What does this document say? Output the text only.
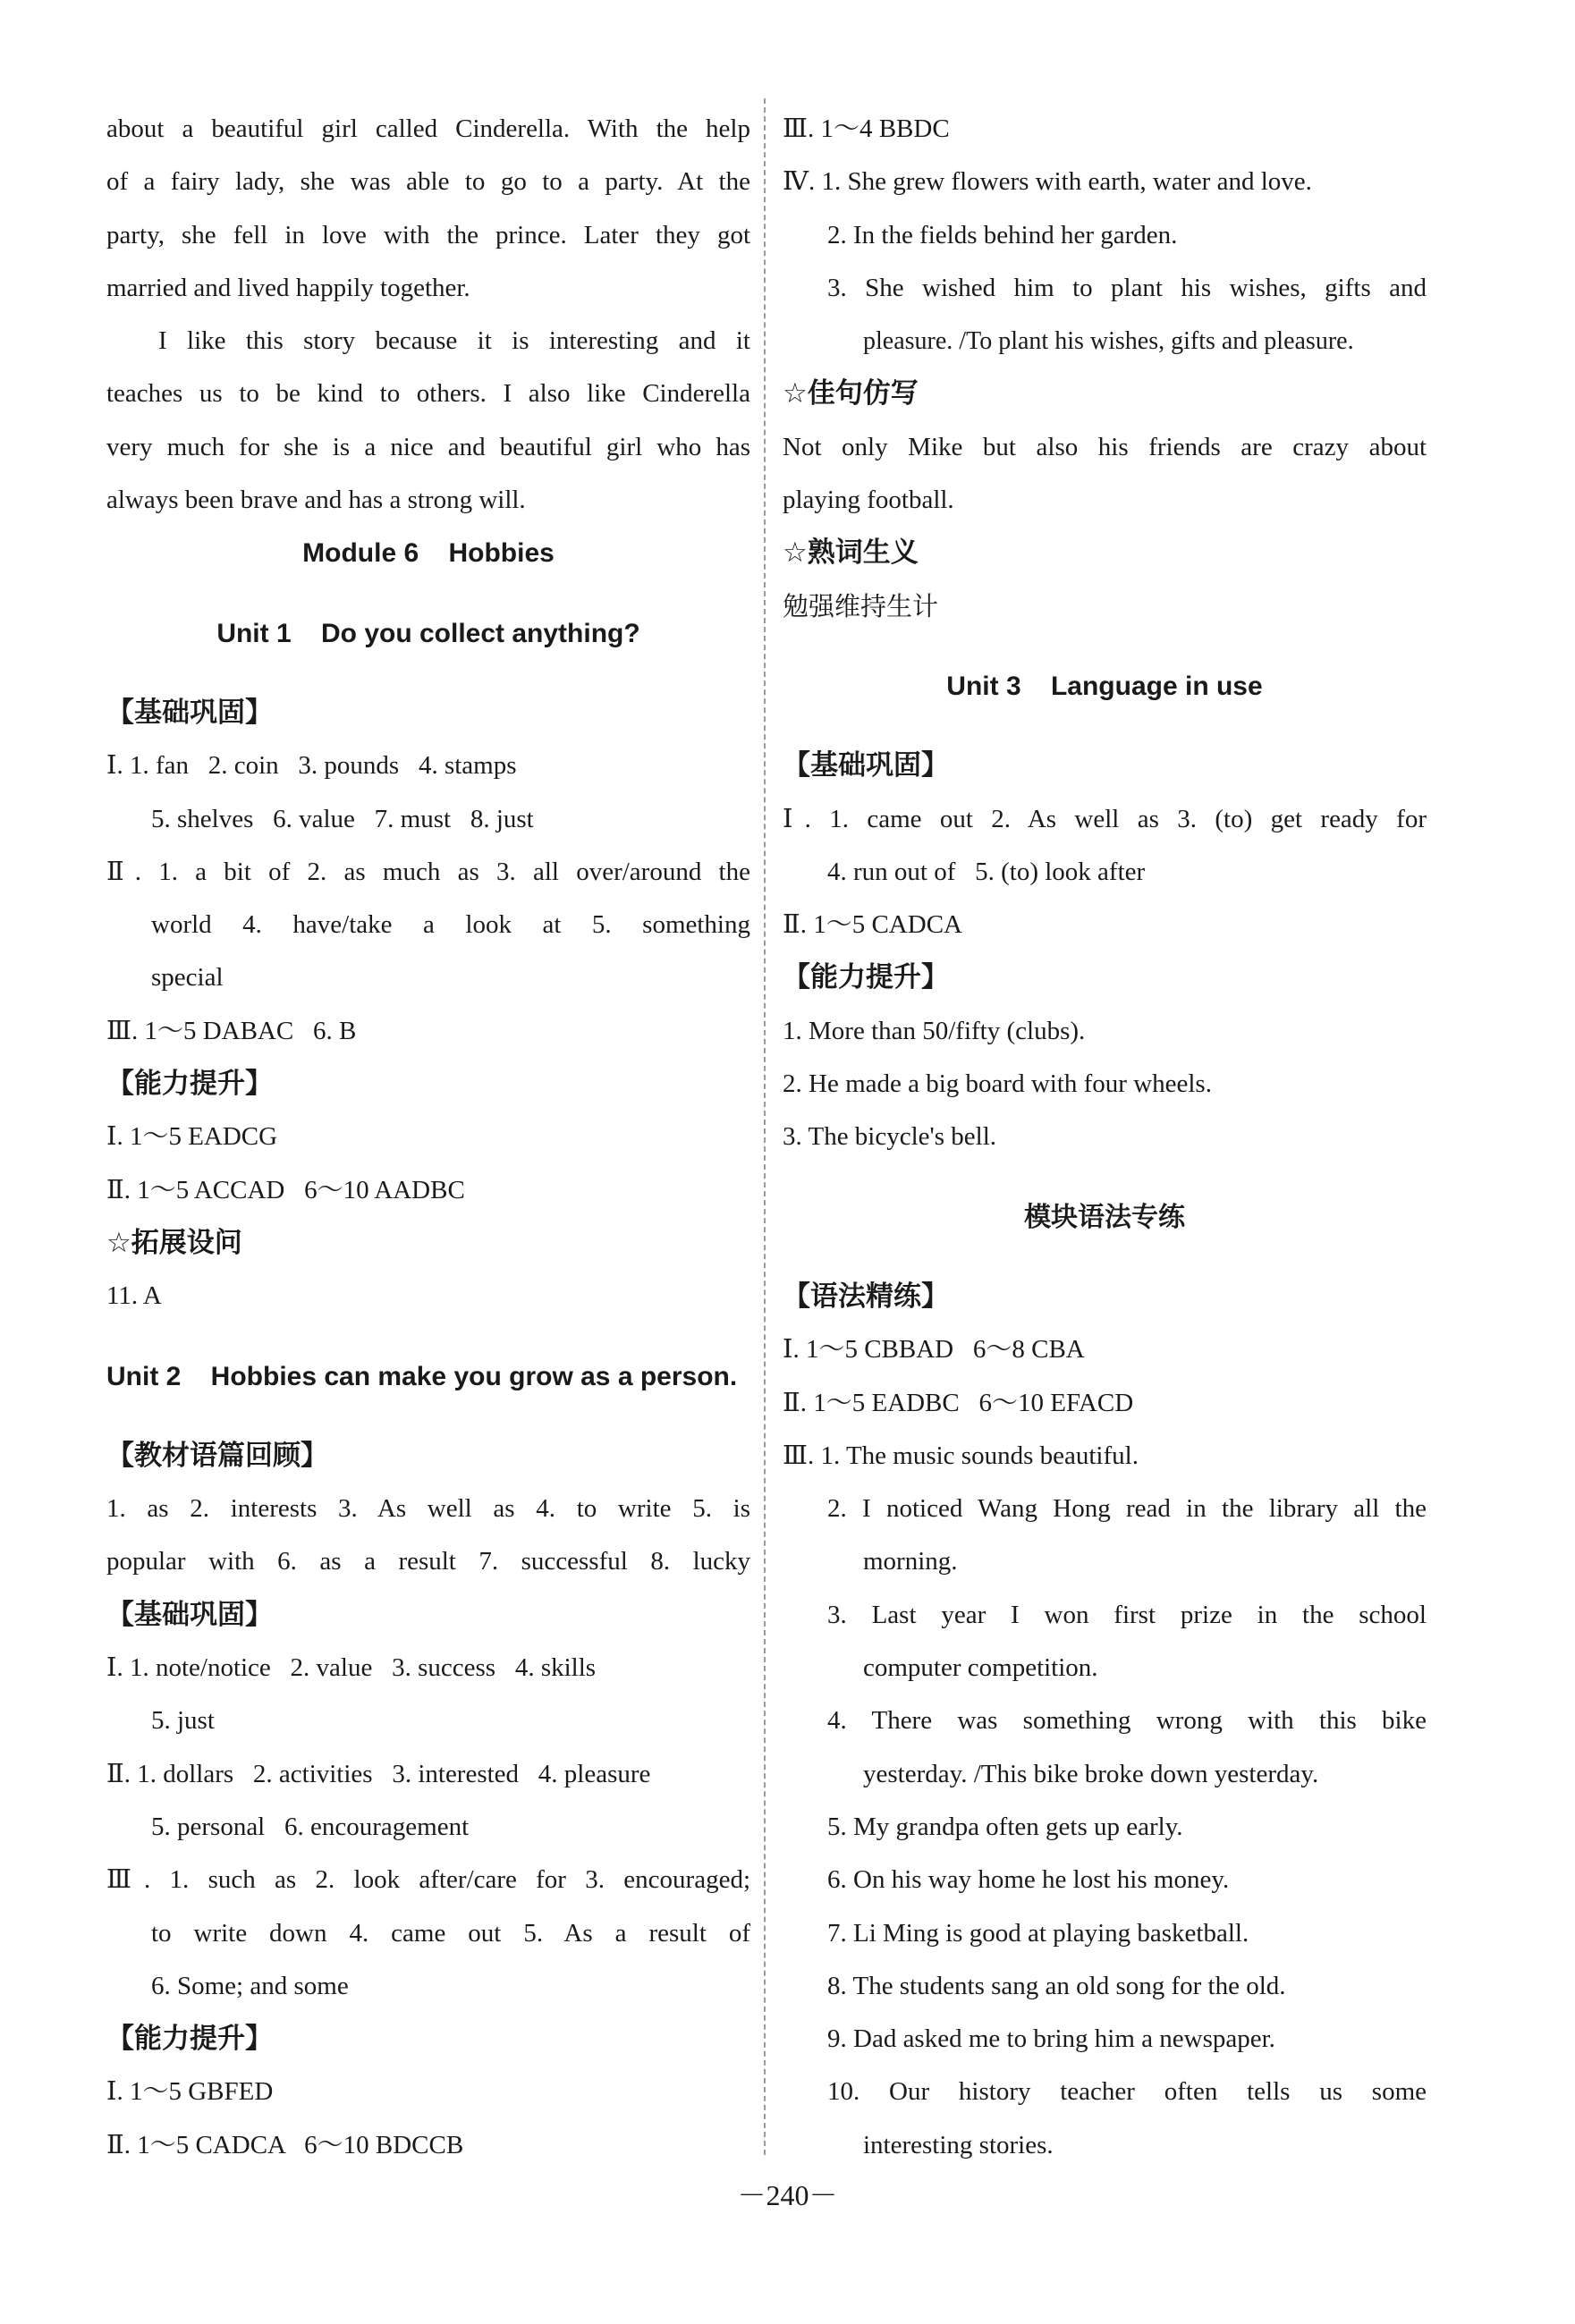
about a beautiful girl called Cinderella. With the help
of a fairy lady, she was able to go to a party. At the
party, she fell in love with the prince. Later they got
married and lived happily together.
I like this story because it is interesting and it
teaches us to be kind to others. I also like Cinderella
very much for she is a nice and beautiful girl who has
always been brave and has a strong will.
Module 6    Hobbies
Unit 1    Do you collect anything?
【基础巩固】
Ⅰ. 1. fan   2. coin   3. pounds   4. stamps
5. shelves   6. value   7. must   8. just
Ⅱ. 1. a bit of 2. as much as 3. all over/around the
world 4. have/take a look at 5. something
special
Ⅲ. 1～5 DABAC   6. B
【能力提升】
Ⅰ. 1～5 EADCG
Ⅱ. 1～5 ACCAD   6～10 AADBC
☆拓展设问
11. A
Unit 2    Hobbies can make you grow as a person.
【教材语篇回顾】
1. as 2. interests 3. As well as 4. to write 5. is
popular with 6. as a result 7. successful 8. lucky
【基础巩固】
Ⅰ. 1. note/notice   2. value   3. success   4. skills
5. just
Ⅱ. 1. dollars   2. activities   3. interested   4. pleasure
5. personal   6. encouragement
Ⅲ. 1. such as 2. look after/care for 3. encouraged;
to write down 4. came out 5. As a result of
6. Some; and some
【能力提升】
Ⅰ. 1～5 GBFED
Ⅱ. 1～5 CADCA   6～10 BDCCB
Ⅲ. 1～4 BBDC
Ⅳ. 1. She grew flowers with earth, water and love.
2. In the fields behind her garden.
3. She wished him to plant his wishes, gifts and
pleasure. /To plant his wishes, gifts and pleasure.
☆佳句仿写
Not only Mike but also his friends are crazy about
playing football.
☆熟词生义
勉强维持生计
Unit 3    Language in use
【基础巩固】
Ⅰ. 1. came out 2. As well as 3. (to) get ready for
4. run out of   5. (to) look after
Ⅱ. 1～5 CADCA
【能力提升】
1. More than 50/fifty (clubs).
2. He made a big board with four wheels.
3. The bicycle's bell.
模块语法专练
【语法精练】
Ⅰ. 1～5 CBBAD   6～8 CBA
Ⅱ. 1～5 EADBC   6～10 EFACD
Ⅲ. 1. The music sounds beautiful.
2. I noticed Wang Hong read in the library all the
morning.
3. Last year I won first prize in the school
computer competition.
4. There was something wrong with this bike
yesterday. /This bike broke down yesterday.
5. My grandpa often gets up early.
6. On his way home he lost his money.
7. Li Ming is good at playing basketball.
8. The students sang an old song for the old.
9. Dad asked me to bring him a newspaper.
10. Our history teacher often tells us some
interesting stories.
－240－
